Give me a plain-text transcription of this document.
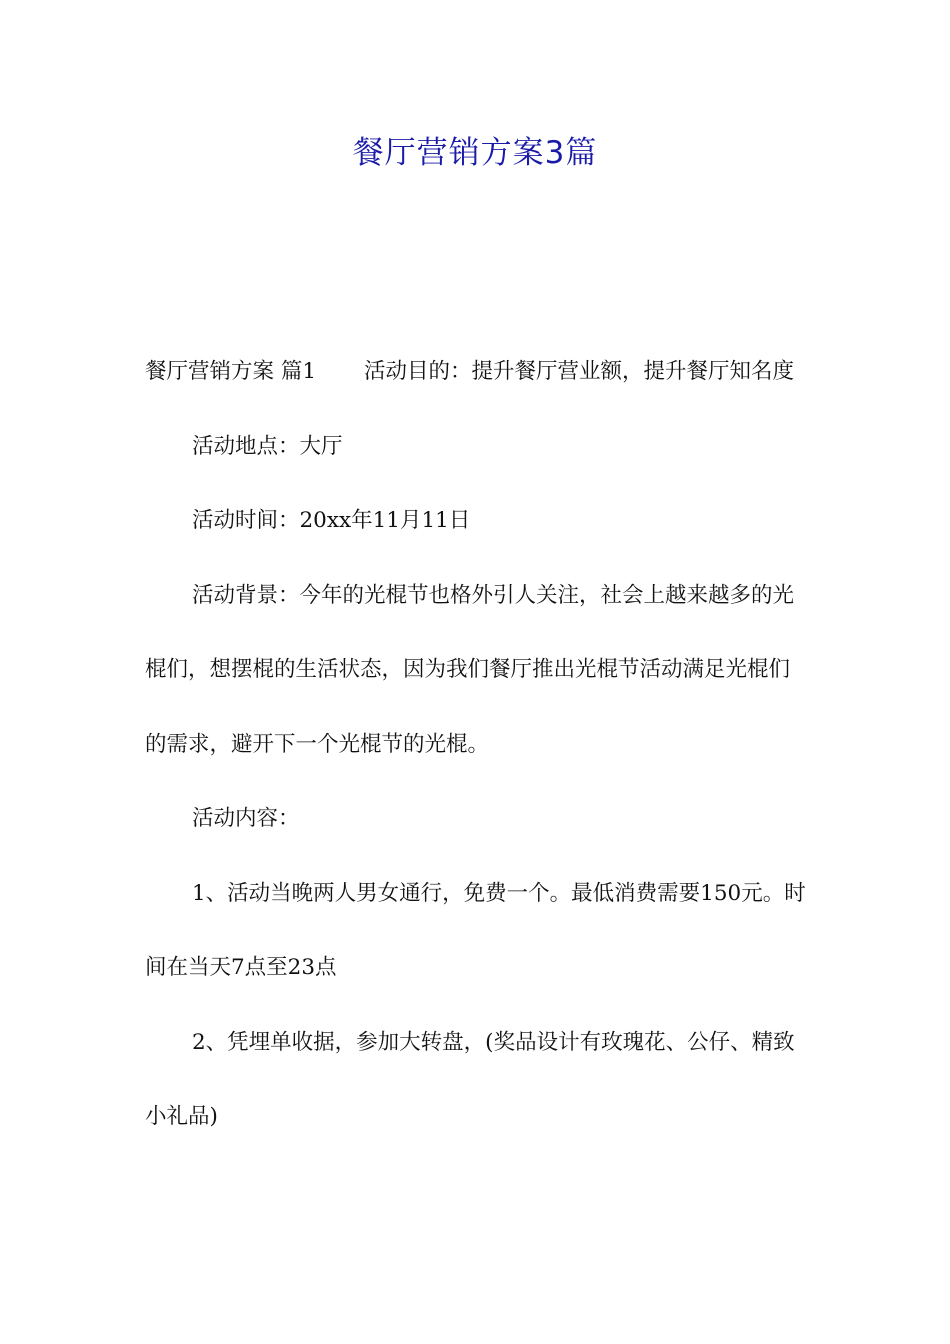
餐厅营销方案3篇

餐厅营销方案 篇1 活动目的：提升餐厅营业额，提升餐厅知名度

活动地点：大厅

活动时间：20xx年11月11日

活动背景：今年的光棍节也格外引人关注，社会上越来越多的光棍们，想摆棍的生活状态，因为我们餐厅推出光棍节活动满足光棍们的需求，避开下一个光棍节的光棍。

活动内容：

1、活动当晚两人男女通行，免费一个。最低消费需要150元。时间在当天7点至23点

2、凭埋单收据，参加大转盘，(奖品设计有玫瑰花、公仔、精致小礼品)
